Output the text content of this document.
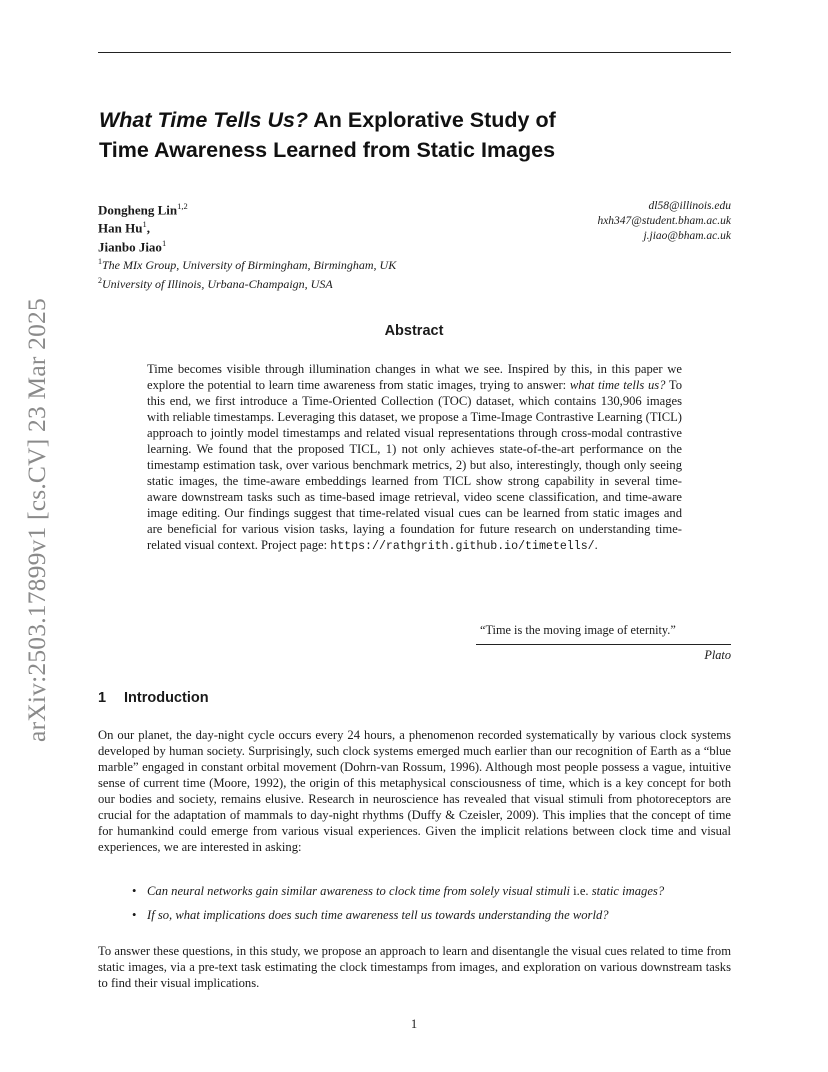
arXiv:2503.17899v1 [cs.CV] 23 Mar 2025
What Time Tells Us? An Explorative Study of
Time Awareness Learned from Static Images
Dongheng Lin$^{1,2}$
Han Hu$^1$,
Jianbo Jiao$^1$
$^1$The MIx Group, University of Birmingham, Birmingham, UK
$^2$University of Illinois, Urbana-Champaign, USA
dl58@illinois.edu
hxh347@student.bham.ac.uk
j.jiao@bham.ac.uk
Abstract

Time becomes visible through illumination changes in what we see. Inspired by this, in this paper we explore the potential to learn time awareness from static images, trying to answer: what time tells us? To this end, we first introduce a Time-Oriented Collection (TOC) dataset, which contains 130,906 images with reliable timestamps. Leveraging this dataset, we propose a Time-Image Contrastive Learning (TICL) approach to jointly model timestamps and related visual representations through cross-modal contrastive learning. We found that the proposed TICL, 1) not only achieves state-of-the-art performance on the timestamp estimation task, over various benchmark metrics, 2) but also, interestingly, though only seeing static images, the time-aware embeddings learned from TICL show strong capability in several time-aware downstream tasks such as time-based image retrieval, video scene classification, and time-aware image editing. Our findings suggest that time-related visual cues can be learned from static images and are beneficial for various vision tasks, laying a foundation for future research on understanding time-related visual context. Project page: https://rathgrith.github.io/timetells/.

“Time is the moving image of eternity.”
Plato
1 Introduction

On our planet, the day-night cycle occurs every 24 hours, a phenomenon recorded systematically by various clock systems developed by human society. Surprisingly, such clock systems emerged much earlier than our recognition of Earth as a “blue marble” engaged in constant orbital movement (Dohrn-van Rossum, 1996). Although most people possess a vague, intuitive sense of current time (Moore, 1992), the origin of this metaphysical consciousness of time, which is a key concept for both our bodies and society, remains elusive. Research in neuroscience has revealed that visual stimuli from photoreceptors are crucial for the adaptation of mammals to day-night rhythms (Duffy & Czeisler, 2009). This implies that the concept of time for humankind could emerge from various visual experiences. Given the implicit relations between clock time and visual experiences, we are interested in asking:

• Can neural networks gain similar awareness to clock time from solely visual stimuli i.e. static images?
• If so, what implications does such time awareness tell us towards understanding the world?

To answer these questions, in this study, we propose an approach to learn and disentangle the visual cues related to time from static images, via a pre-text task estimating the clock timestamps from images, and exploration on various downstream tasks to find their visual implications.

1
